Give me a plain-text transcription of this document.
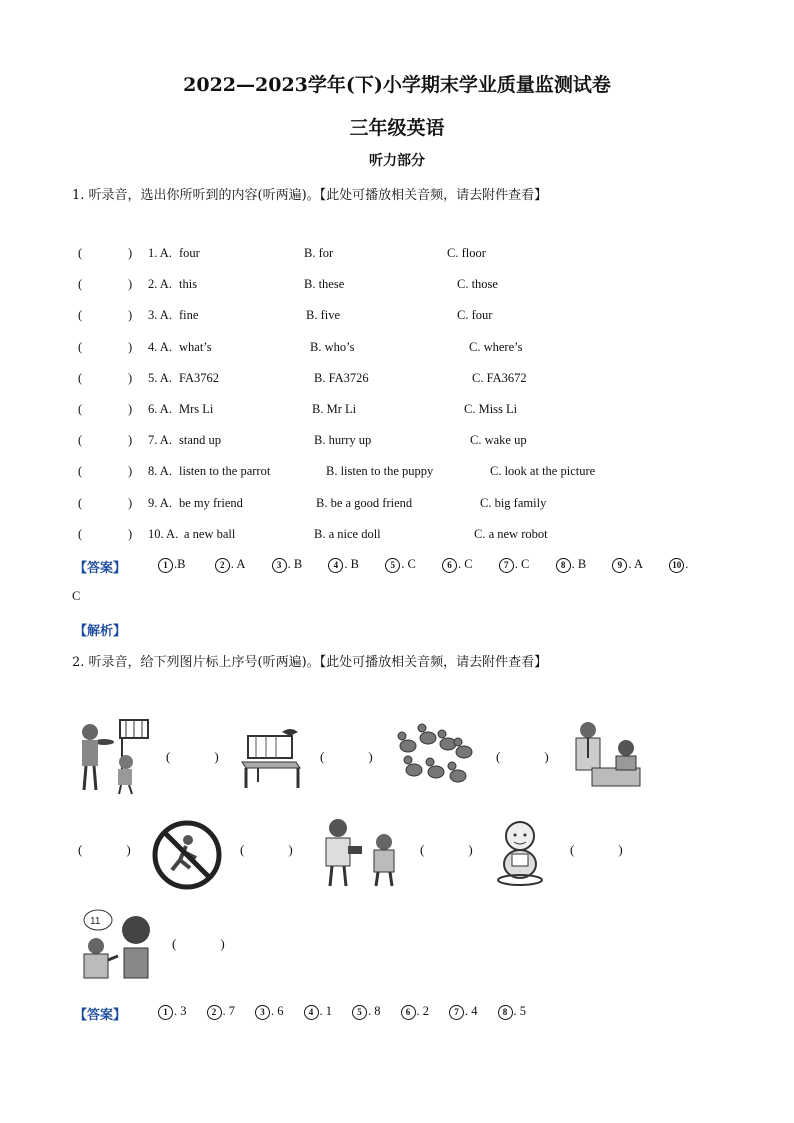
2022—2023学年(下)小学期末学业质量监测试卷
三年级英语
听力部分
1. 听录音，选出你所听到的内容(听两遍)。【此处可播放相关音频，请去附件查看】
(	) 1. A. four	B. for	C. floor
(	) 2. A. this	B. these	C. those
(	) 3. A. fine	B. five	C. four
(	) 4. A. what’s	B. who’s	C. where’s
(	) 5. A. FA3762	B. FA3726	C. FA3672
(	) 6. A. Mrs Li	B. Mr Li	C. Miss Li
(	) 7. A. stand up	B. hurry up	C. wake up
(	) 8. A. listen to the parrot	B. listen to the puppy	C. look at the picture
(	) 9. A. be my friend	B. be a good friend	C. big family
(	) 10. A. a new ball	B. a nice doll	C. a new robot
【答案】	1 .B	2 . A	3 . B	4 . B	5 . C	6 . C	7 . C	8 . B	9 . A	10 .
C
【解析】
2. 听录音，给下列图片标上序号(听两遍)。【此处可播放相关音频，请去附件查看】
(	)	(	)	(	)
(	)	(	)	(	)	(	)
11
(	)
【答案】	1 . 3	2 . 7	3 . 6	4 . 1	5 . 8	6 . 2	7 . 4	8 . 5
